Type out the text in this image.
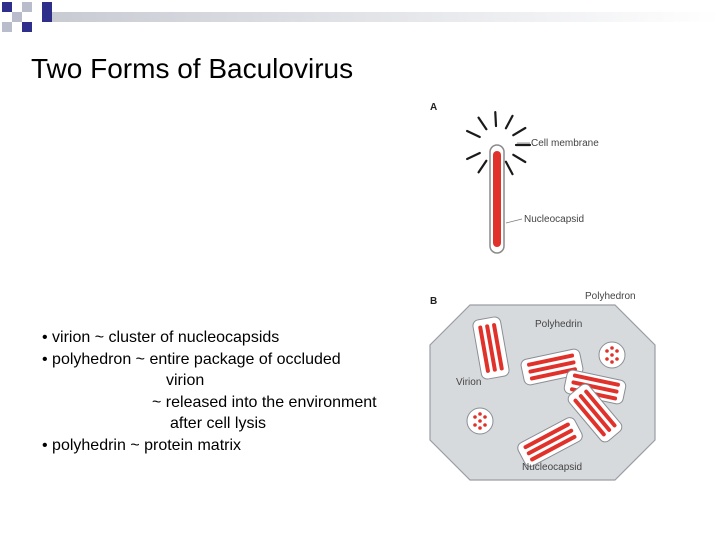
Two Forms of Baculovirus
• virion ~ cluster of nucleocapsids
• polyhedron ~ entire package of occluded
virion
~ released into the environment
after cell lysis
• polyhedrin ~ protein matrix
A
Cell membrane
Nucleocapsid
B	Polyhedron
Polyhedrin
Virion
Nucleocapsid
